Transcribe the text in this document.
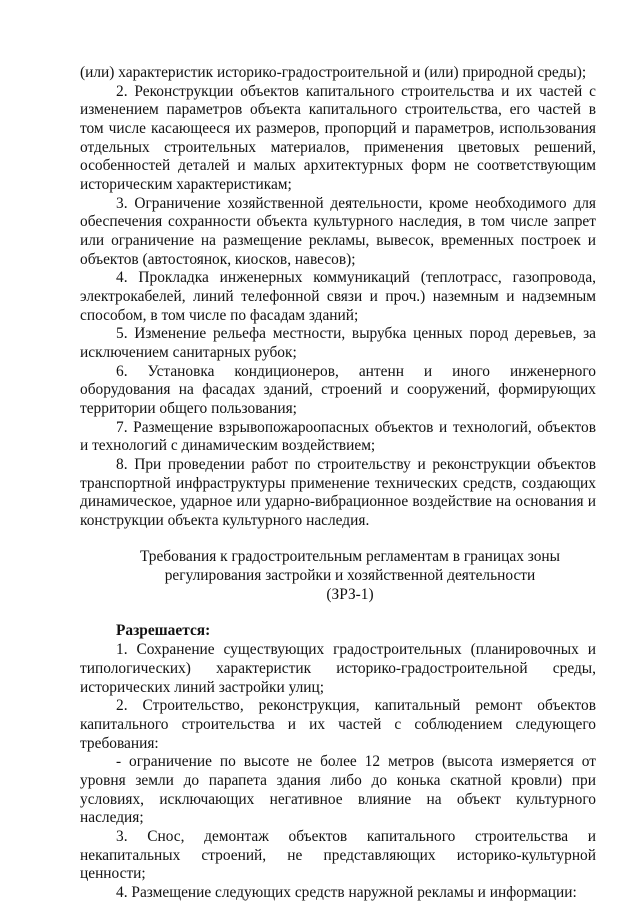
(или) характеристик историко-градостроительной и (или) природной среды);
2. Реконструкции объектов капитального строительства и их частей с
изменением параметров объекта капитального строительства, его частей в
том числе касающееся их размеров, пропорций и параметров, использования
отдельных строительных материалов, применения цветовых решений,
особенностей деталей и малых архитектурных форм не соответствующим
историческим характеристикам;
3. Ограничение хозяйственной деятельности, кроме необходимого для
обеспечения сохранности объекта культурного наследия, в том числе запрет
или ограничение на размещение рекламы, вывесок, временных построек и
объектов (автостоянок, киосков, навесов);
4. Прокладка инженерных коммуникаций (теплотрасс, газопровода,
электрокабелей, линий телефонной связи и проч.) наземным и надземным
способом, в том числе по фасадам зданий;
5. Изменение рельефа местности, вырубка ценных пород деревьев, за
исключением санитарных рубок;
6. Установка кондиционеров, антенн и иного инженерного
оборудования на фасадах зданий, строений и сооружений, формирующих
территории общего пользования;
7. Размещение взрывопожароопасных объектов и технологий, объектов
и технологий с динамическим воздействием;
8. При проведении работ по строительству и реконструкции объектов
транспортной инфраструктуры применение технических средств, создающих
динамическое, ударное или ударно-вибрационное воздействие на основания и
конструкции объекта культурного наследия.
Требования к градостроительным регламентам в границах зоны
регулирования застройки и хозяйственной деятельности
(ЗРЗ-1)
Разрешается:
1. Сохранение существующих градостроительных (планировочных и
типологических) характеристик историко-градостроительной среды,
исторических линий застройки улиц;
2. Строительство, реконструкция, капитальный ремонт объектов
капитального строительства и их частей с соблюдением следующего
требования:
- ограничение по высоте не более 12 метров (высота измеряется от
уровня земли до парапета здания либо до конька скатной кровли) при
условиях, исключающих негативное влияние на объект культурного
наследия;
3. Снос, демонтаж объектов капитального строительства и
некапитальных строений, не представляющих историко-культурной
ценности;
4. Размещение следующих средств наружной рекламы и информации:
